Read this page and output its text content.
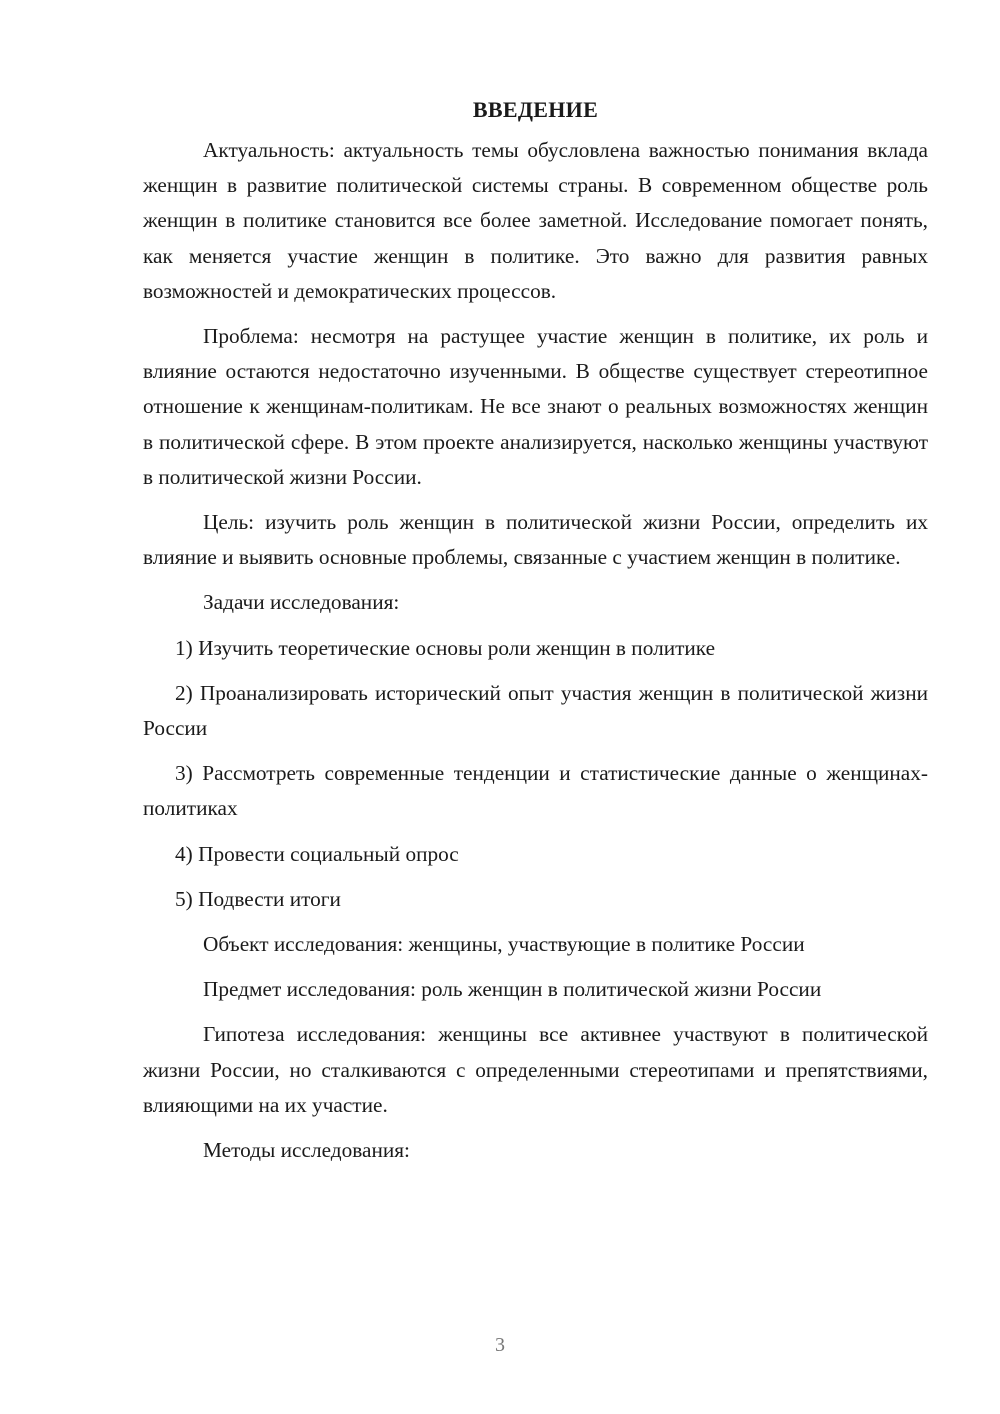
ВВЕДЕНИЕ

Актуальность: актуальность темы обусловлена важностью понимания вклада женщин в развитие политической системы страны. В современном обществе роль женщин в политике становится все более заметной. Исследование помогает понять, как меняется участие женщин в политике. Это важно для развития равных возможностей и демократических процессов.

Проблема: несмотря на растущее участие женщин в политике, их роль и влияние остаются недостаточно изученными. В обществе существует стереотипное отношение к женщинам-политикам. Не все знают о реальных возможностях женщин в политической сфере. В этом проекте анализируется, насколько женщины участвуют в политической жизни России.

Цель: изучить роль женщин в политической жизни России, определить их влияние и выявить основные проблемы, связанные с участием женщин в политике.

Задачи исследования:

1) Изучить теоретические основы роли женщин в политике

2) Проанализировать исторический опыт участия женщин в политической жизни России

3) Рассмотреть современные тенденции и статистические данные о женщинах-политиках

4) Провести социальный опрос

5) Подвести итоги

Объект исследования: женщины, участвующие в политике России

Предмет исследования: роль женщин в политической жизни России

Гипотеза исследования: женщины все активнее участвуют в политической жизни России, но сталкиваются с определенными стереотипами и препятствиями, влияющими на их участие.

Методы исследования:

3
